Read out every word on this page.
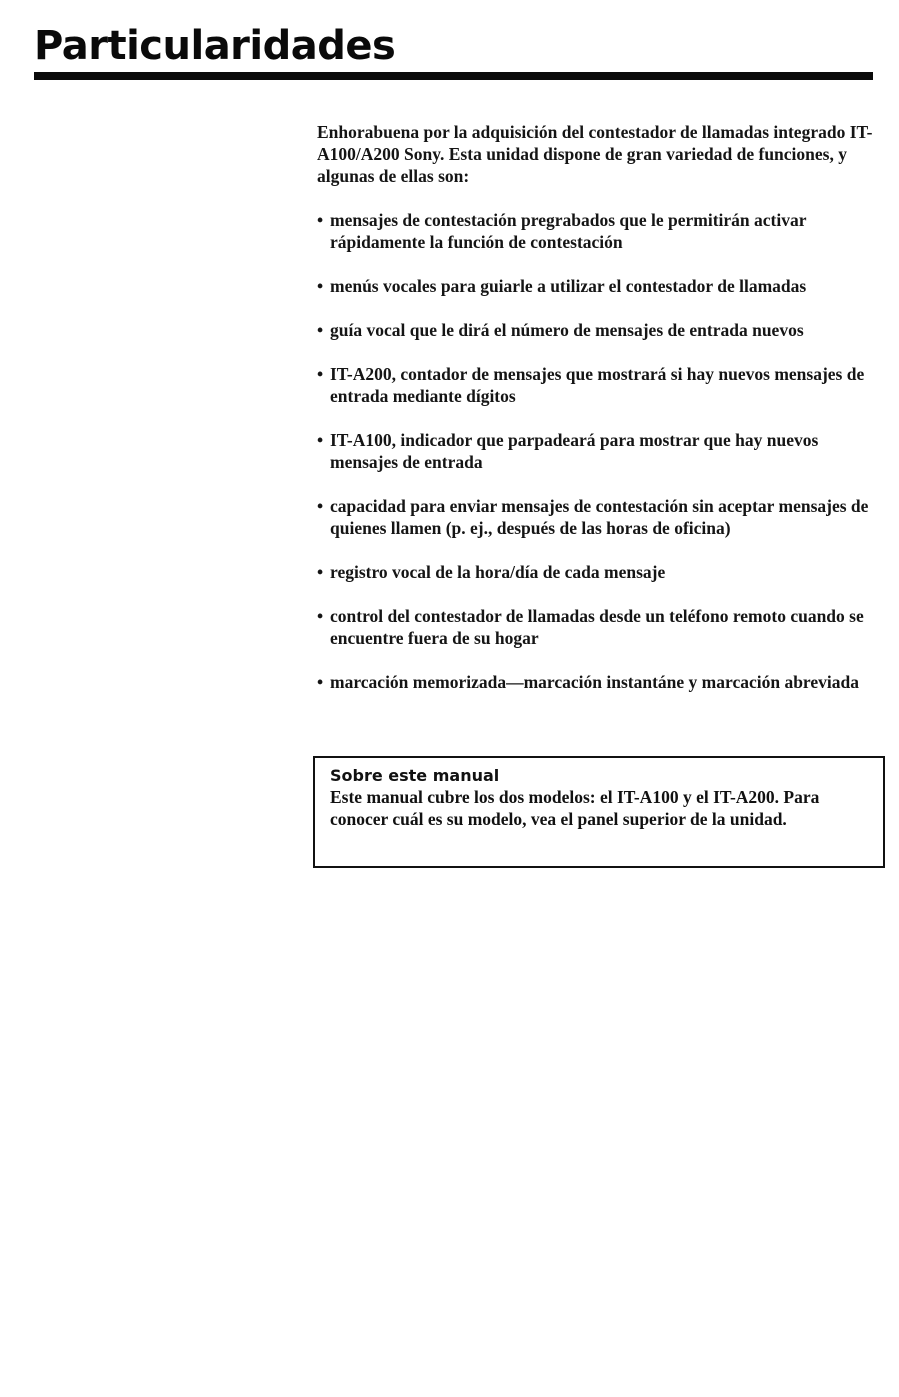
Particularidades

Enhorabuena por la adquisición del contestador de llamadas integrado IT-A100/A200 Sony. Esta unidad dispone de gran variedad de funciones, y algunas de ellas son:

• mensajes de contestación pregrabados que le permitirán activar rápidamente la función de contestación
• menús vocales para guiarle a utilizar el contestador de llamadas
• guía vocal que le dirá el número de mensajes de entrada nuevos
• IT-A200, contador de mensajes que mostrará si hay nuevos mensajes de entrada mediante dígitos
• IT-A100, indicador que parpadeará para mostrar que hay nuevos mensajes de entrada
• capacidad para enviar mensajes de contestación sin aceptar mensajes de quienes llamen (p. ej., después de las horas de oficina)
• registro vocal de la hora/día de cada mensaje
• control del contestador de llamadas desde un teléfono remoto cuando se encuentre fuera de su hogar
• marcación memorizada—marcación instantáne y marcación abreviada

Sobre este manual

Este manual cubre los dos modelos: el IT-A100 y el IT-A200. Para conocer cuál es su modelo, vea el panel superior de la unidad.
